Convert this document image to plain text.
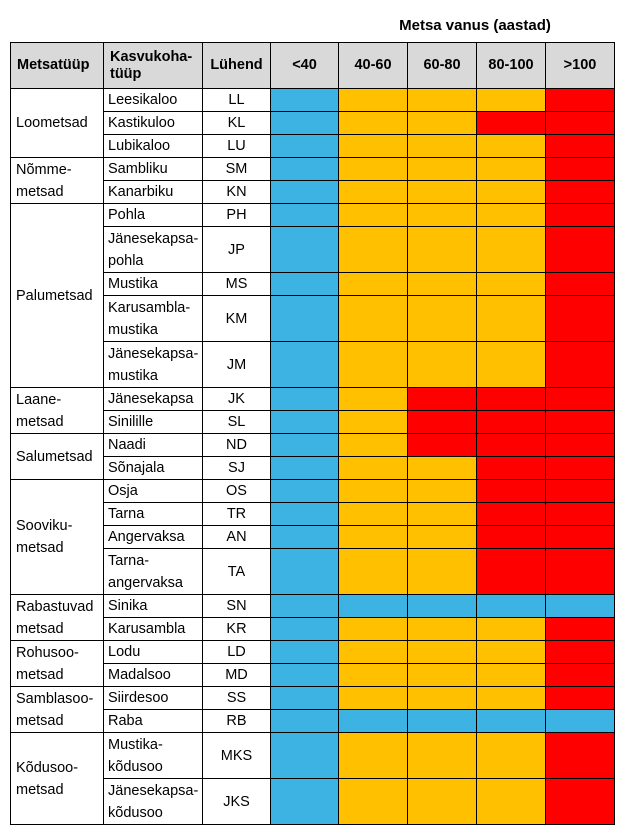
Metsa vanus (aastad)
Metsatüüp	Kasvukoha-tüüp	Lühend	<40	40-60	60-80	80-100	>100
Loometsad	Leesikaloo	LL					
	Kastikuloo	KL					
	Lubikaloo	LU					
Nõmme-metsad	Sambliku	SM					
	Kanarbiku	KN					
Palumetsad	Pohla	PH					
	Jänesekapsa-pohla	JP					
	Mustika	MS					
	Karusambla-mustika	KM					
	Jänesekapsa-mustika	JM					
Laane-metsad	Jänesekapsa	JK					
	Sinilille	SL					
Salumetsad	Naadi	ND					
	Sõnajala	SJ					
Sooviku-metsad	Osja	OS					
	Tarna	TR					
	Angervaksa	AN					
	Tarna-angervaksa	TA					
Rabastuvad metsad	Sinika	SN					
	Karusambla	KR					
Rohusoo-metsad	Lodu	LD					
	Madalsoo	MD					
Samblasoo-metsad	Siirdesoo	SS					
	Raba	RB					
Kõdusoo-metsad	Mustika-kõdusoo	MKS					
	Jänesekapsa-kõdusoo	JKS					
